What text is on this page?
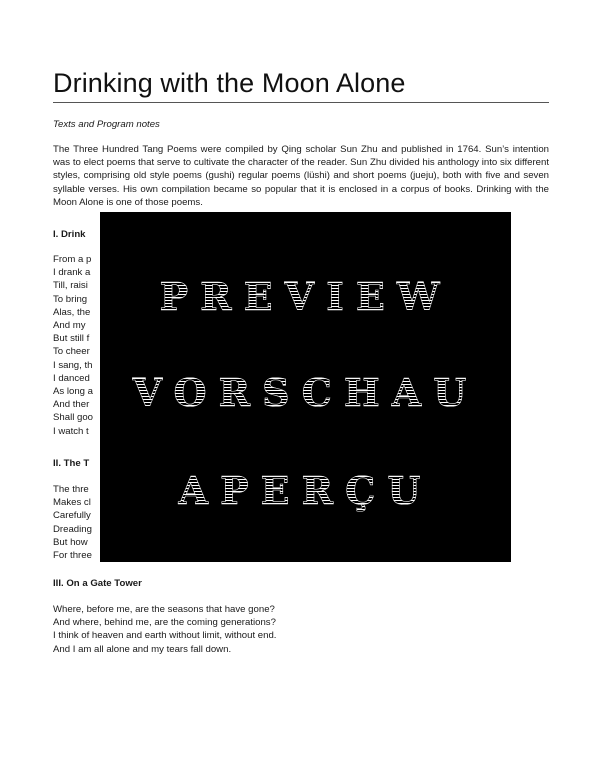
Drinking with the Moon Alone

Texts and Program notes

The Three Hundred Tang Poems were compiled by Qing scholar Sun Zhu and published in 1764. Sun’s intention was to elect poems that serve to cultivate the character of the reader. Sun Zhu divided his anthology into six different styles, comprising old style poems (gushi) regular poems (lüshi) and short poems (jueju), both with five and seven syllable verses. His own compilation became so popular that it is enclosed in a corpus of books. Drinking with the Moon Alone is one of those poems.

I. Drink

From a p
I drank a
Till, raisi
To bring
Alas, the
And my
But still f
To cheer
I sang, th
I danced
As long a
And ther
Shall goo
I watch t

II. The T

The thre
Makes cl
Carefully
Dreading
But how
For three

III. On a Gate Tower

Where, before me, are the seasons that have gone?
And where, behind me, are the coming generations?
I think of heaven and earth without limit, without end.
And I am all alone and my tears fall down.
PREVIEW
VORSCHAU
APERÇU
